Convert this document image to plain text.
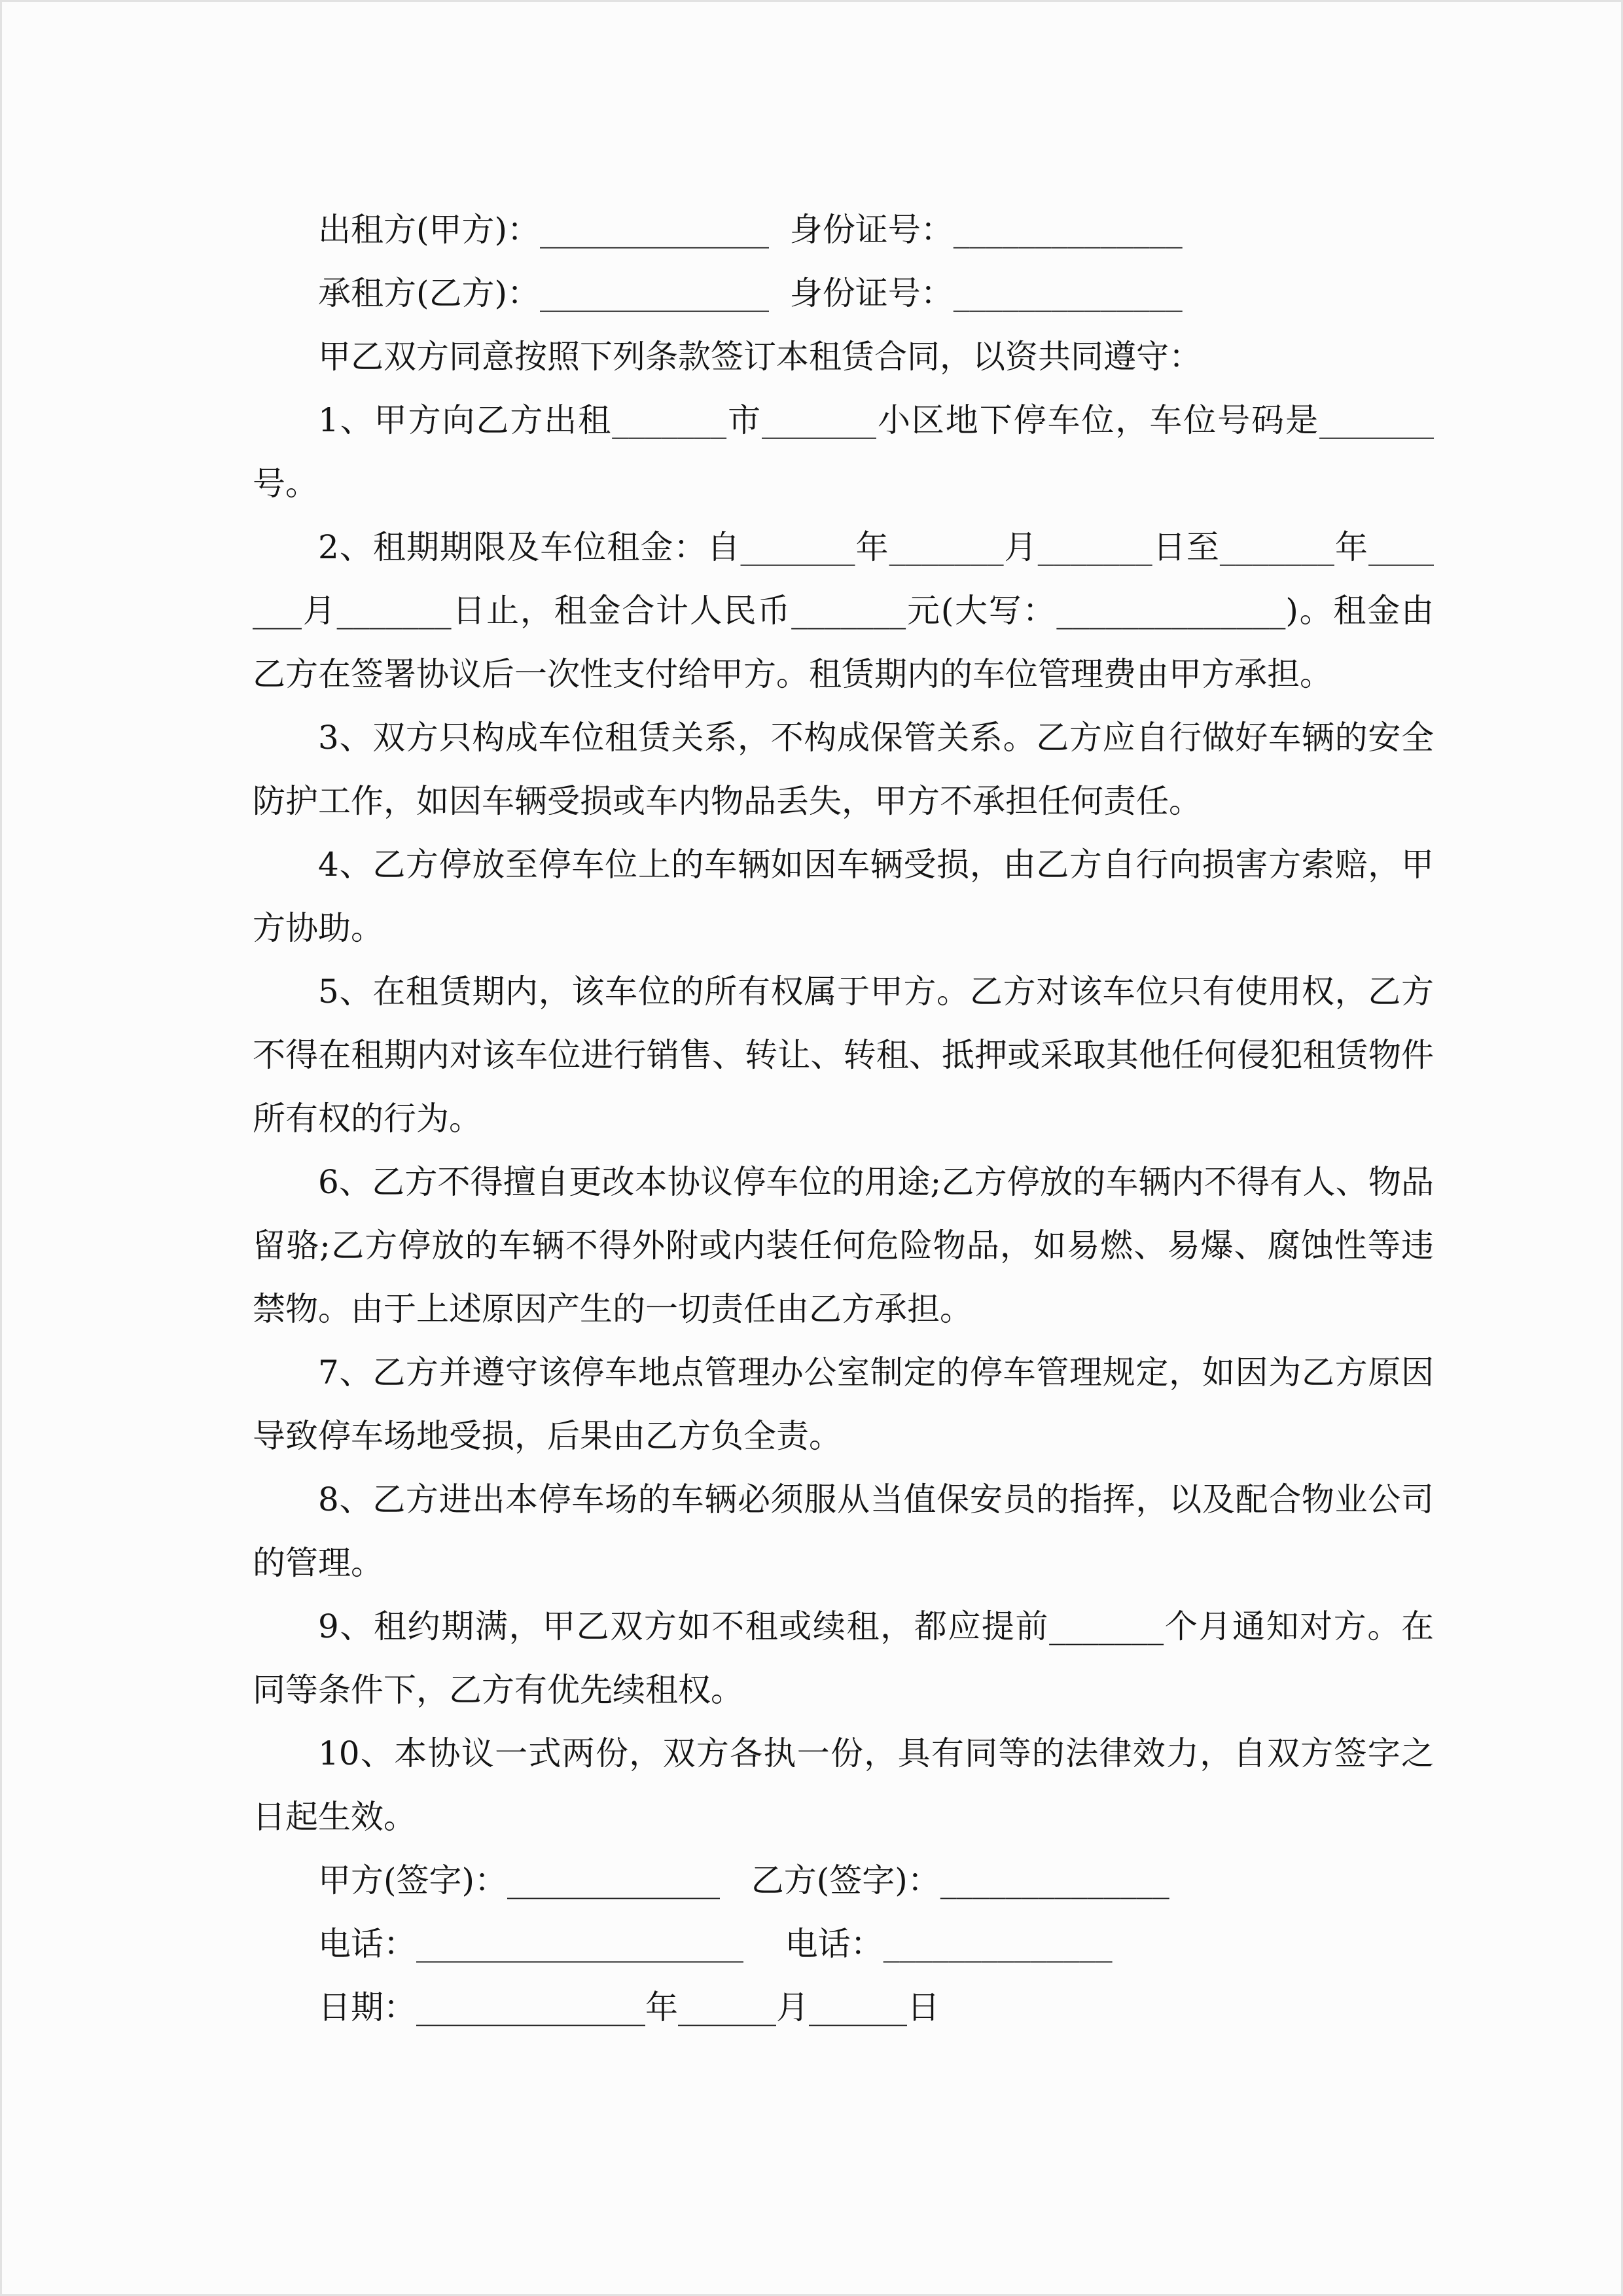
出租方(甲方)：______________  身份证号：______________

承租方(乙方)：______________  身份证号：______________

甲乙双方同意按照下列条款签订本租赁合同，以资共同遵守：

1、甲方向乙方出租_______市_______小区地下停车位，车位号码是_______号。

2、租期期限及车位租金：自_______年_______月_______日至_______年_______月_______日止，租金合计人民币_______元(大写：______________)。租金由乙方在签署协议后一次性支付给甲方。租赁期内的车位管理费由甲方承担。

3、双方只构成车位租赁关系，不构成保管关系。乙方应自行做好车辆的安全防护工作，如因车辆受损或车内物品丢失，甲方不承担任何责任。

4、乙方停放至停车位上的车辆如因车辆受损，由乙方自行向损害方索赔，甲方协助。

5、在租赁期内，该车位的所有权属于甲方。乙方对该车位只有使用权，乙方不得在租期内对该车位进行销售、转让、转租、抵押或采取其他任何侵犯租赁物件所有权的行为。

6、乙方不得擅自更改本协议停车位的用途;乙方停放的车辆内不得有人、物品留骆;乙方停放的车辆不得外附或内装任何危险物品，如易燃、易爆、腐蚀性等违禁物。由于上述原因产生的一切责任由乙方承担。

7、乙方并遵守该停车地点管理办公室制定的停车管理规定，如因为乙方原因导致停车场地受损，后果由乙方负全责。

8、乙方进出本停车场的车辆必须服从当值保安员的指挥，以及配合物业公司的管理。

9、租约期满，甲乙双方如不租或续租，都应提前_______个月通知对方。在同等条件下，乙方有优先续租权。

10、本协议一式两份，双方各执一份，具有同等的法律效力，自双方签字之日起生效。

甲方(签字)：_____________   乙方(签字)：______________

电话：____________________    电话：______________

日期：______________年______月______日
